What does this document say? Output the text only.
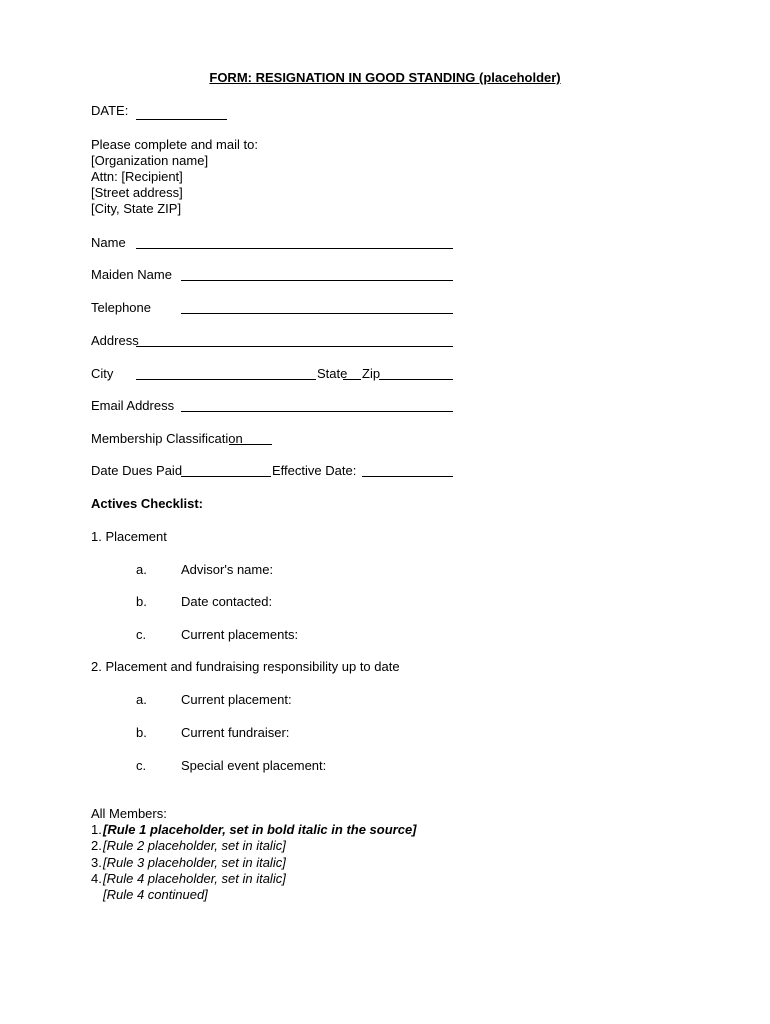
FORM: RESIGNATION IN GOOD STANDING (placeholder)
DATE:
Please complete and mail to:
[Organization name]
Attn: [Recipient]
[Street address]
[City, State ZIP]
Name
Maiden Name
Telephone
Address
City	State Zip
Email Address
Membership Classification
Date Dues Paid	Effective Date:
Actives Checklist:
1. Placement
a.	Advisor's name:
b.	Date contacted:
c.	Current placements:
2. Placement and fundraising responsibility up to date
a.	Current placement:
b.	Current fundraiser:
c.	Special event placement:
All Members:
1. [Rule 1 placeholder, set in bold italic in the source]
2. [Rule 2 placeholder, set in italic]
3. [Rule 3 placeholder, set in italic]
4. [Rule 4 placeholder, set in italic]
[Rule 4 continued]
